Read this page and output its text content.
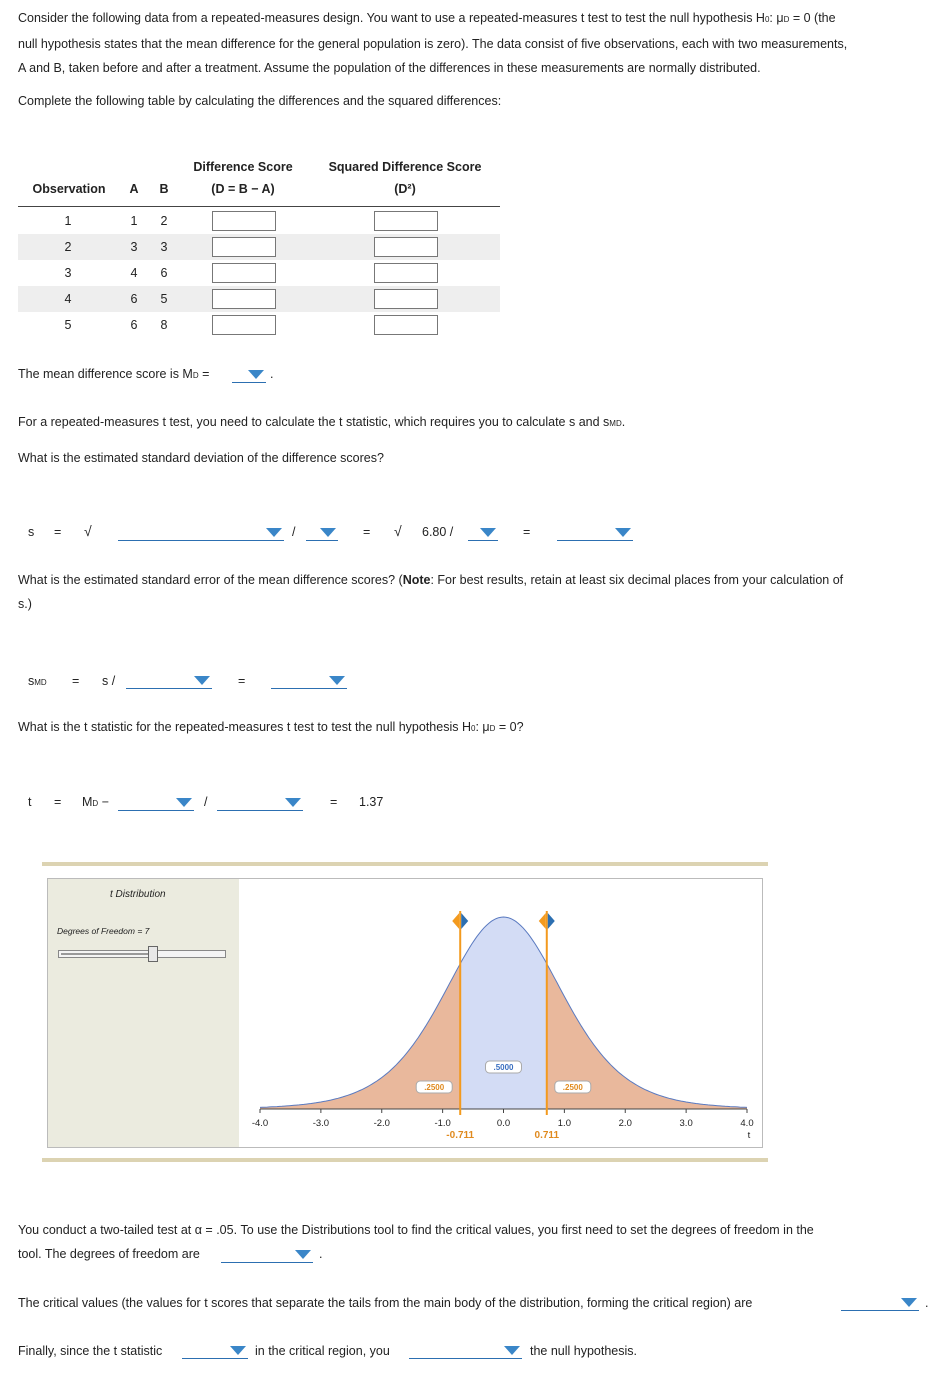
Consider the following data from a repeated-measures design. You want to use a repeated-measures t test to test the null hypothesis H0: μD = 0 (the
null hypothesis states that the mean difference for the general population is zero). The data consist of five observations, each with two measurements,
A and B, taken before and after a treatment. Assume the population of the differences in these measurements are normally distributed.
Complete the following table by calculating the differences and the squared differences:
Difference Score	Squared Difference Score
Observation	A	B	(D = B − A)	(D²)
1	1	2
2	3	3
3	4	6
4	6	5
5	6	8
The mean difference score is MD =	.
For a repeated-measures t test, you need to calculate the t statistic, which requires you to calculate s and sMD.
What is the estimated standard deviation of the difference scores?
s = √	/	= √ 6.80 /	=
What is the estimated standard error of the mean difference scores? (Note: For best results, retain at least six decimal places from your calculation of
s.)
sMD = s /	=
What is the t statistic for the repeated-measures t test to test the null hypothesis H0: μD = 0?
t = MD −	/	= 1.37
t Distribution
Degrees of Freedom = 7
-4.0	-3.0	-2.0	-1.0	0.0	1.0	2.0	3.0	4.0
.5000
.2500	.2500
-0.711	0.711	t
You conduct a two-tailed test at α = .05. To use the Distributions tool to find the critical values, you first need to set the degrees of freedom in the
tool. The degrees of freedom are	.
The critical values (the values for t scores that separate the tails from the main body of the distribution, forming the critical region) are	.
Finally, since the t statistic	in the critical region, you	the null hypothesis.
